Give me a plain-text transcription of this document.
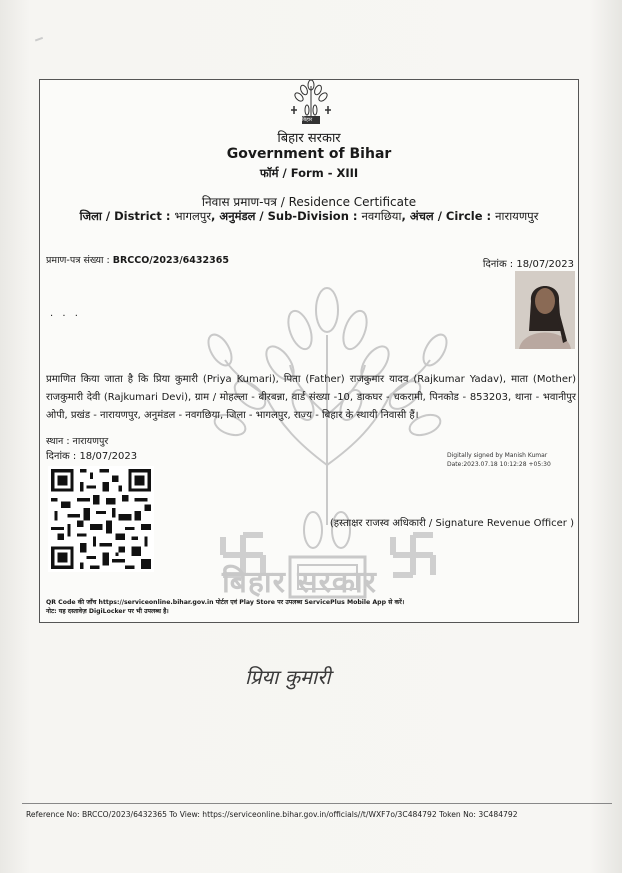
बिहार सरकार
बिहार
बिहार सरकार
Government of Bihar
फॉर्म / Form - XIII
निवास प्रमाण-पत्र / Residence Certificate
जिला / District : भागलपुर, अनुमंडल / Sub-Division : नवगछिया, अंचल / Circle : नारायणपुर
प्रमाण-पत्र संख्या : BRCCO/2023/6432365	दिनांक : 18/07/2023
. . .
प्रमाणित किया जाता है कि प्रिया कुमारी (Priya Kumari), पिता (Father) राजकुमार यादव (Rajkumar Yadav), माता (Mother) राजकुमारी देवी (Rajkumari Devi), ग्राम / मोहल्ला - बीरबन्ना, वार्ड संख्या -10, डाकघर - चकरामी, पिनकोड - 853203, थाना - भवानीपुर ओपी, प्रखंड - नारायणपुर, अनुमंडल - नवगछिया, जिला - भागलपुर, राज्य - बिहार के स्थायी निवासी हैं।
स्थान : नारायणपुर
दिनांक : 18/07/2023	Digitally signed by Manish Kumar
Date:2023.07.18 10:12:28 +05:30
(हस्ताक्षर राजस्व अधिकारी / Signature Revenue Officer )
QR Code की जाँच https://serviceonline.bihar.gov.in पोर्टल एवं Play Store पर उपलब्ध ServicePlus Mobile App से करें।
नोट: यह दस्तावेज़ DigiLocker पर भी उपलब्ध है।
प्रिया कुमारी
Reference No: BRCCO/2023/6432365 To View: https://serviceonline.bihar.gov.in/officials//t/WXF7o/3C484792 Token No: 3C484792
